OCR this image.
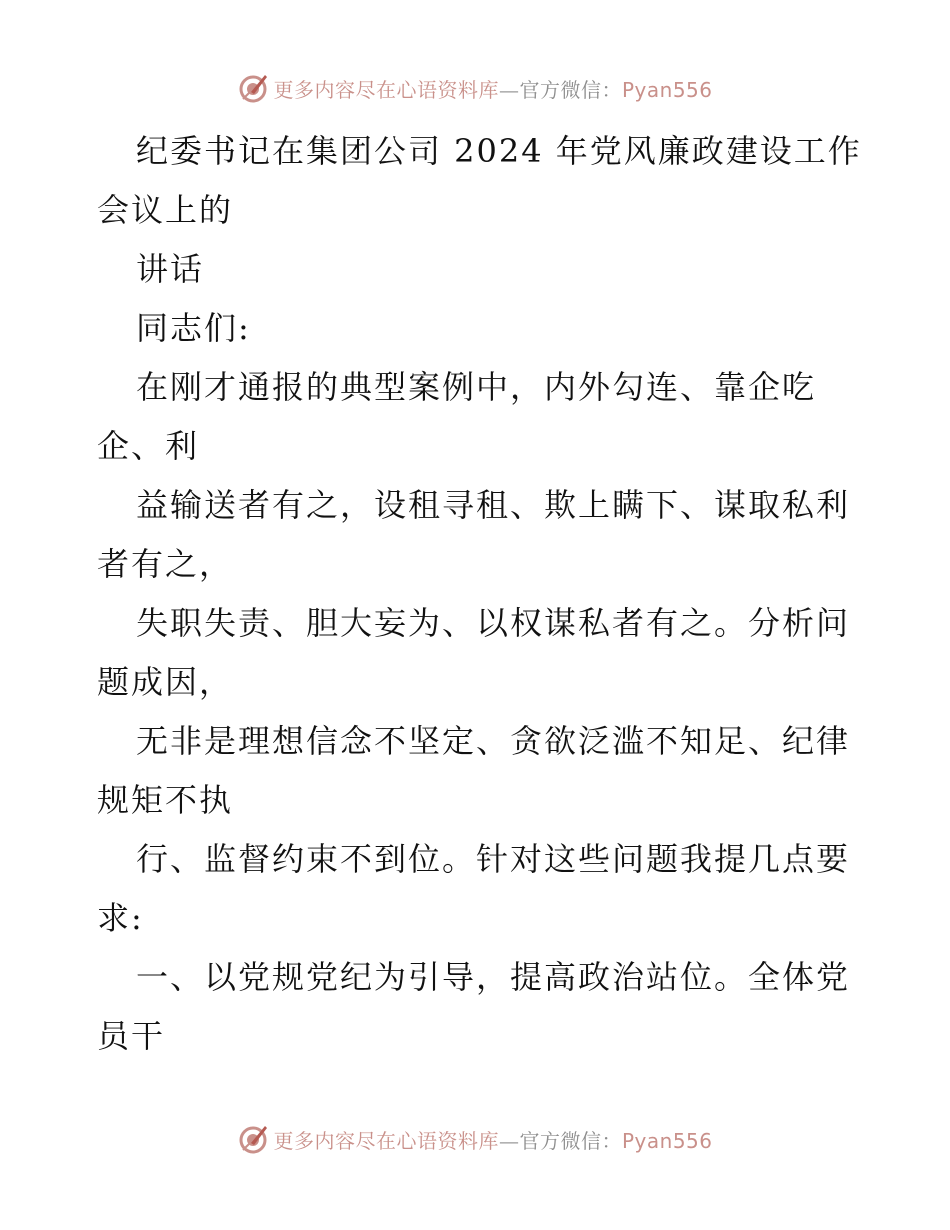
更多内容尽在心语资料库—官方微信：Pyan556
纪委书记在集团公司 2024 年党风廉政建设工作
会议上的
讲话
同志们:
在刚才通报的典型案例中，内外勾连、靠企吃
企、利
益输送者有之，设租寻租、欺上瞒下、谋取私利
者有之，
失职失责、胆大妄为、以权谋私者有之。分析问
题成因，
无非是理想信念不坚定、贪欲泛滥不知足、纪律
规矩不执
行、监督约束不到位。针对这些问题我提几点要
求:
一、以党规党纪为引导，提高政治站位。全体党
员干
更多内容尽在心语资料库—官方微信：Pyan556
